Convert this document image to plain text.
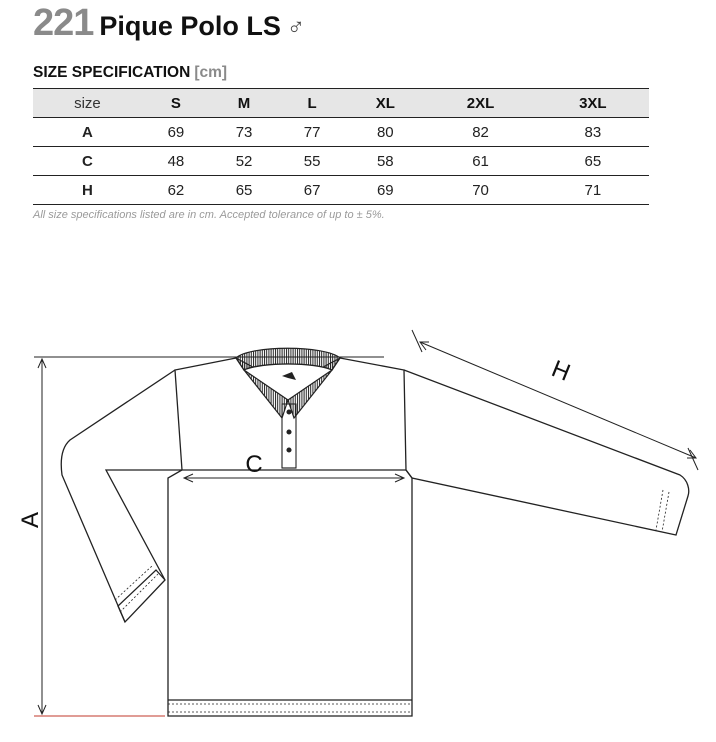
221 Pique Polo LS ♂
SIZE SPECIFICATION [cm]
size	S	M	L	XL	2XL	3XL
A	69	73	77	80	82	83
C	48	52	55	58	61	65
H	62	65	67	69	70	71
All size specifications listed are in cm. Accepted tolerance of up to ± 5%.
A
C
H
